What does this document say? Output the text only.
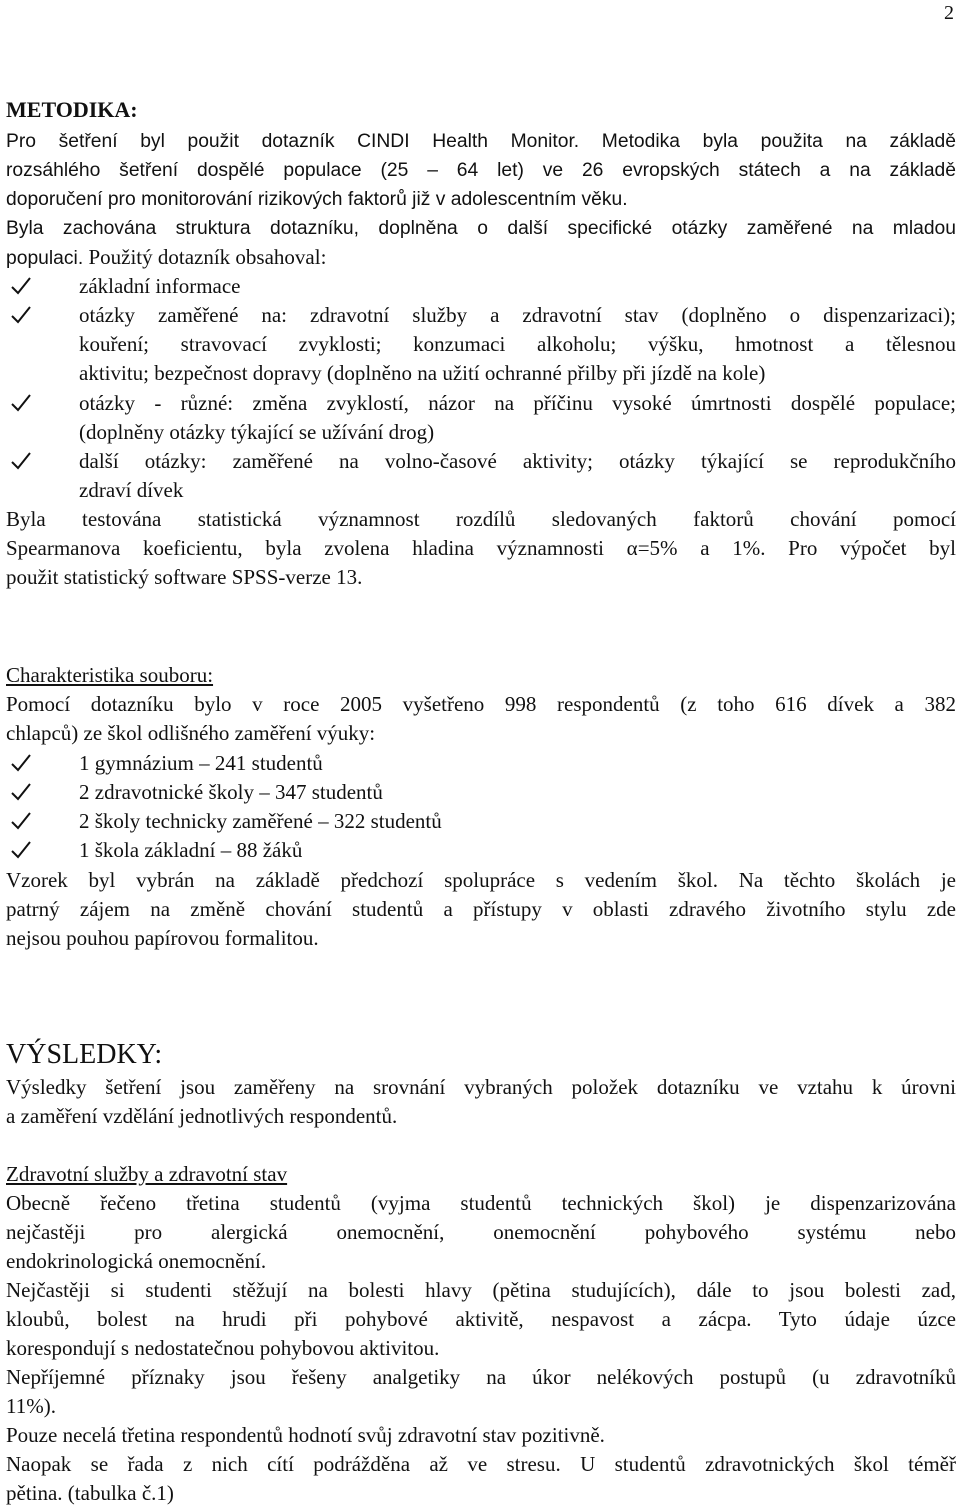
2
METODIKA:
Pro šetření byl použit dotazník CINDI Health Monitor. Metodika byla použita na základě
rozsáhlého šetření dospělé populace (25 – 64 let) ve 26 evropských státech a na základě
doporučení pro monitorování rizikových faktorů již v adolescentním věku.
Byla zachována struktura dotazníku, doplněna o další specifické otázky zaměřené na mladou
populaci. Použitý dotazník obsahoval:
základní informace
otázky zaměřené na: zdravotní služby a zdravotní stav (doplněno o dispenzarizaci);
kouření; stravovací zvyklosti; konzumaci alkoholu; výšku, hmotnost a tělesnou
aktivitu; bezpečnost dopravy (doplněno na užití ochranné přilby při jízdě na kole)
otázky - různé: změna zvyklostí, názor na příčinu vysoké úmrtnosti dospělé populace;
(doplněny otázky týkající se užívání drog)
další otázky: zaměřené na volno-časové aktivity; otázky týkající se reprodukčního
zdraví dívek
Byla testována statistická významnost rozdílů sledovaných faktorů chování pomocí
Spearmanova koeficientu, byla zvolena hladina významnosti α=5% a 1%. Pro výpočet byl
použit statistický software SPSS-verze 13.
Charakteristika souboru:
Pomocí dotazníku bylo v roce 2005 vyšetřeno 998 respondentů (z toho 616 dívek a 382
chlapců) ze škol odlišného zaměření výuky:
1 gymnázium – 241 studentů
2 zdravotnické školy – 347 studentů
2 školy technicky zaměřené – 322 studentů
1 škola základní – 88 žáků
Vzorek byl vybrán na základě předchozí spolupráce s vedením škol. Na těchto školách je
patrný zájem na změně chování studentů a přístupy v oblasti zdravého životního stylu zde
nejsou pouhou papírovou formalitou.
VÝSLEDKY:
Výsledky šetření jsou zaměřeny na srovnání vybraných položek dotazníku ve vztahu k úrovni
a zaměření vzdělání jednotlivých respondentů.
Zdravotní služby a zdravotní stav
Obecně řečeno třetina studentů (vyjma studentů technických škol) je dispenzarizována
nejčastěji pro alergická onemocnění, onemocnění pohybového systému nebo
endokrinologická onemocnění.
Nejčastěji si studenti stěžují na bolesti hlavy (pětina studujících), dále to jsou bolesti zad,
kloubů, bolest na hrudi při pohybové aktivitě, nespavost a zácpa. Tyto údaje úzce
korespondují s nedostatečnou pohybovou aktivitou.
Nepříjemné příznaky jsou řešeny analgetiky na úkor nelékových postupů (u zdravotníků
11%).
Pouze necelá třetina respondentů hodnotí svůj zdravotní stav pozitivně.
Naopak se řada z nich cítí podrážděna až ve stresu. U studentů zdravotnických škol téměř
pětina. (tabulka č.1)
